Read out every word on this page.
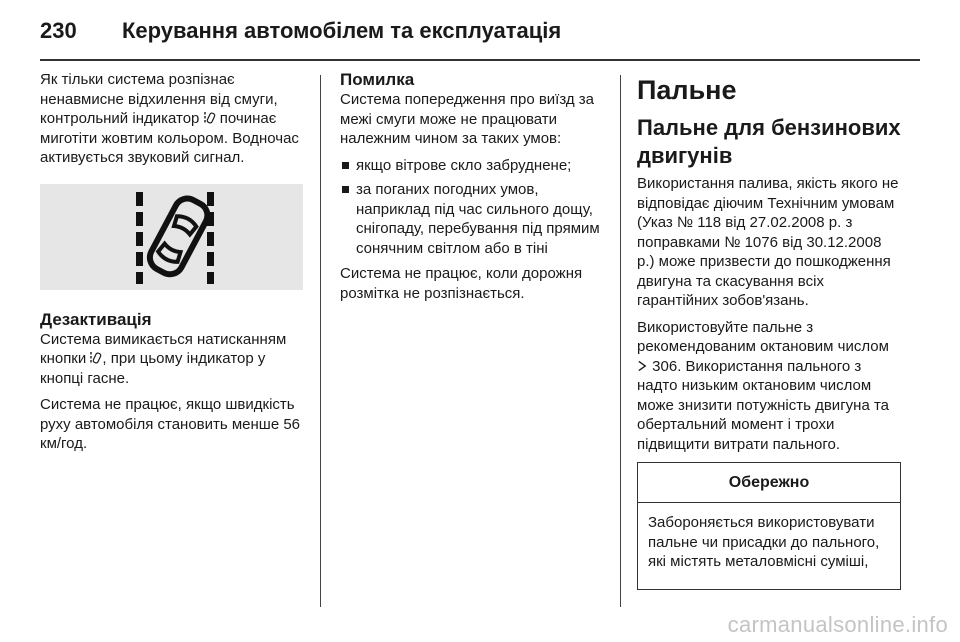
230	Керування автомобілем та експлуатація

Як тільки система розпізнає ненавмисне відхилення від смуги, контрольний індикатор  починає миготіти жовтим кольором. Водночас активується звуковий сигнал.

Дезактивація

Система вимикається натисканням кнопки , при цьому індикатор у кнопці гасне.

Система не працює, якщо швидкість руху автомобіля становить менше 56 км/год.

Помилка

Система попередження про виїзд за межі смуги може не працювати належним чином за таких умов:

якщо вітрове скло забруднене;
за поганих погодних умов, наприклад під час сильного дощу, снігопаду, перебування під прямим сонячним світлом або в тіні

Система не працює, коли дорожня розмітка не розпізнається.

Пальне
Пальне для бензинових двигунів

Використання палива, якість якого не відповідає діючим Технічним умовам (Указ № 118 від 27.02.2008 р. з поправками № 1076 від 30.12.2008 р.) може призвести до пошкодження двигуна та скасування всіх гарантійних зобов'язань.

Використовуйте пальне з рекомендованим октановим числом  306. Використання пального з надто низьким октановим числом може знизити потужність двигуна та обертальний момент і трохи підвищити витрати пального.

Обережно
Забороняється використовувати пальне чи присадки до пального, які містять металовмісні суміші,
carmanualsonline.info
